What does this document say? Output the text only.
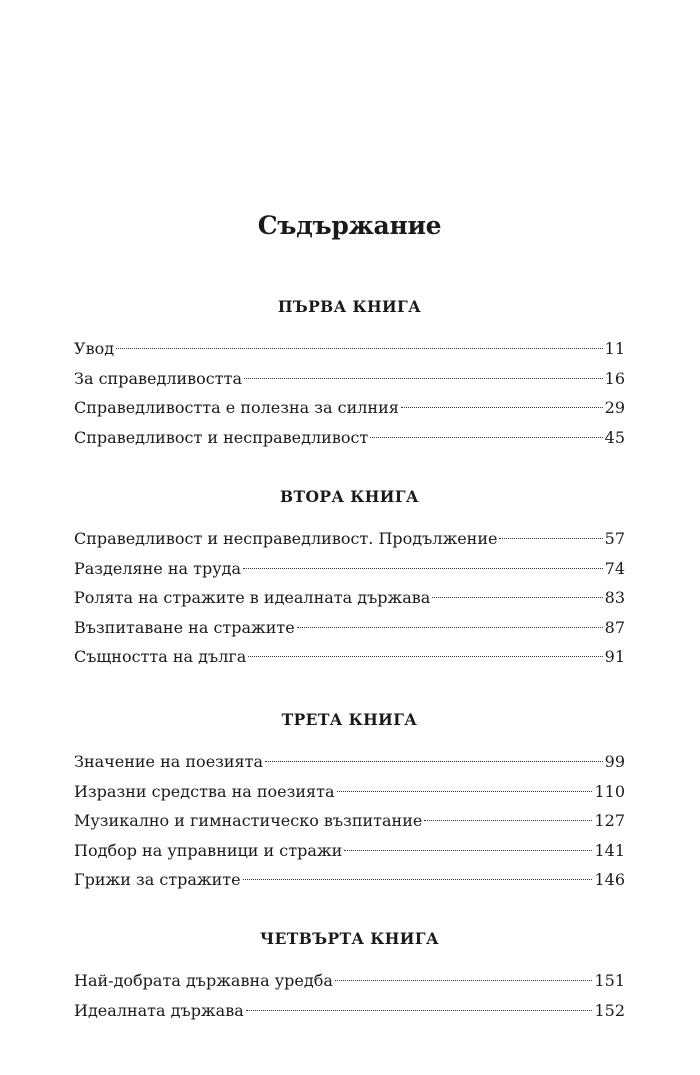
Съдържание
ПЪРВА КНИГА
Увод	11
За справедливостта	16
Справедливостта е полезна за силния	29
Справедливост и несправедливост	45
ВТОРА КНИГА
Справедливост и несправедливост. Продължение	57
Разделяне на труда	74
Ролята на стражите в идеалната държава	83
Възпитаване на стражите	87
Същността на дълга	91
ТРЕТА КНИГА
Значение на поезията	99
Изразни средства на поезията	110
Музикално и гимнастическо възпитание	127
Подбор на управници и стражи	141
Грижи за стражите	146
ЧЕТВЪРТА КНИГА
Най-добрата държавна уредба	151
Идеалната държава	152
